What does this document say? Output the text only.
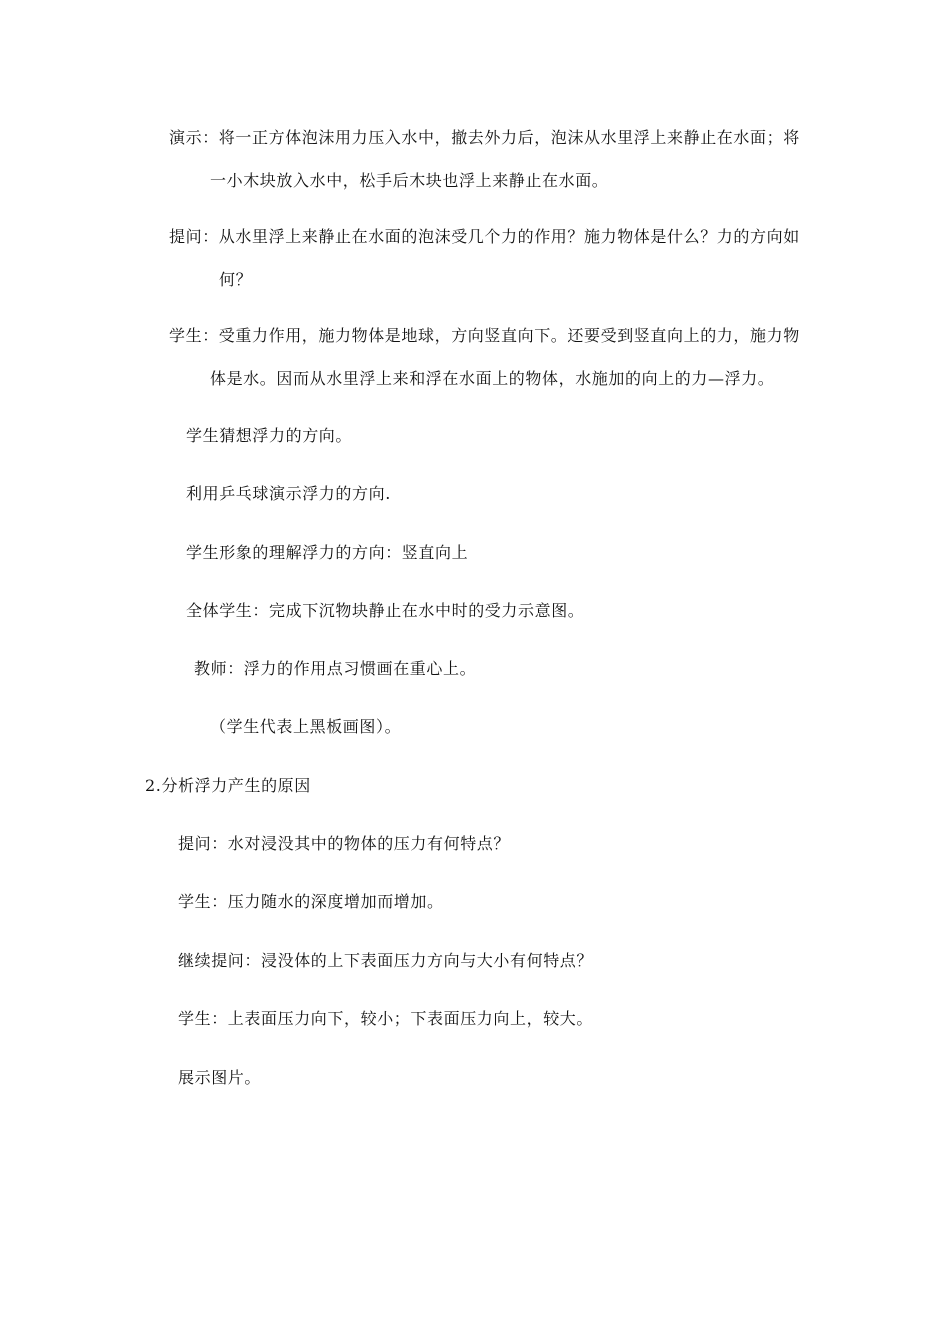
演示：将一正方体泡沫用力压入水中，撤去外力后，泡沫从水里浮上来静止在水面；将
一小木块放入水中，松手后木块也浮上来静止在水面。
提问：从水里浮上来静止在水面的泡沫受几个力的作用？施力物体是什么？力的方向如
何？
学生：受重力作用，施力物体是地球，方向竖直向下。还要受到竖直向上的力，施力物
体是水。因而从水里浮上来和浮在水面上的物体，水施加的向上的力—浮力。
学生猜想浮力的方向。
利用乒乓球演示浮力的方向.
学生形象的理解浮力的方向：竖直向上
全体学生：完成下沉物块静止在水中时的受力示意图。
教师：浮力的作用点习惯画在重心上。
（学生代表上黑板画图）。
2.分析浮力产生的原因
提问：水对浸没其中的物体的压力有何特点？
学生：压力随水的深度增加而增加。
继续提问：浸没体的上下表面压力方向与大小有何特点？
学生：上表面压力向下，较小；下表面压力向上，较大。
展示图片。
